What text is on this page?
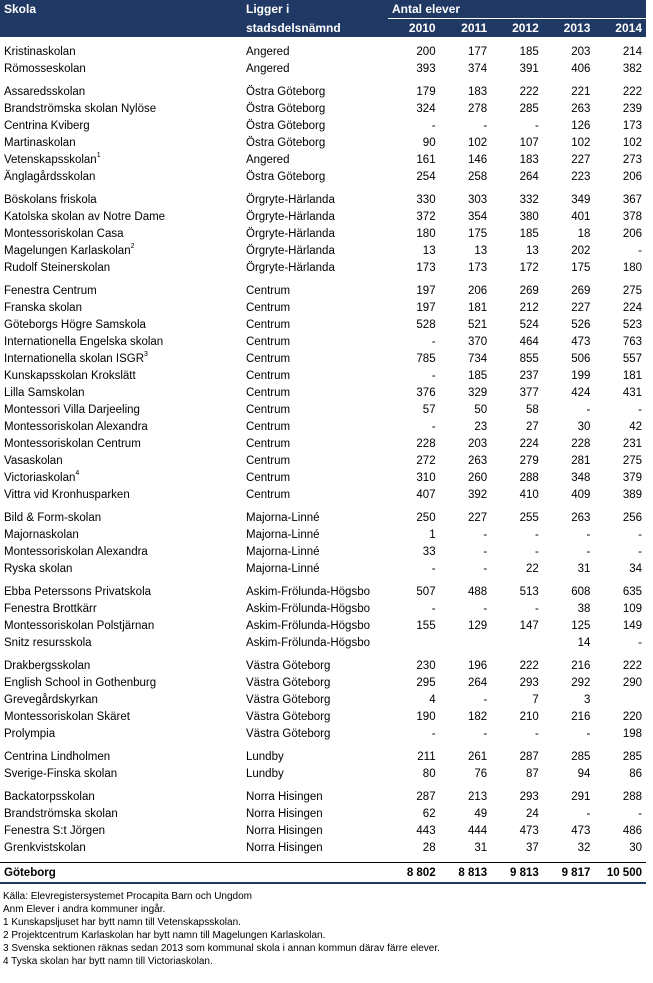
Skola	Ligger i	Antal elever				
	stadsdelsnämnd	2010	2011	2012	2013	2014

Kristinaskolan	Angered	200	177	185	203	214
Römosseskolan	Angered	393	374	391	406	382

Assaredsskolan	Östra Göteborg	179	183	222	221	222
Brandströmska skolan Nylöse	Östra Göteborg	324	278	285	263	239
Centrina Kviberg	Östra Göteborg	-	-	-	126	173
Martinaskolan	Östra Göteborg	90	102	107	102	102
Vetenskapsskolan$^1$	Angered	161	146	183	227	273
Änglagårdsskolan	Östra Göteborg	254	258	264	223	206

Böskolans friskola	Örgryte-Härlanda	330	303	332	349	367
Katolska skolan av Notre Dame	Örgryte-Härlanda	372	354	380	401	378
Montessoriskolan Casa	Örgryte-Härlanda	180	175	185	18	206
Magelungen Karlaskolan$^2$	Örgryte-Härlanda	13	13	13	202	-
Rudolf Steinerskolan	Örgryte-Härlanda	173	173	172	175	180

Fenestra Centrum	Centrum	197	206	269	269	275
Franska skolan	Centrum	197	181	212	227	224
Göteborgs Högre Samskola	Centrum	528	521	524	526	523
Internationella Engelska skolan	Centrum	-	370	464	473	763
Internationella skolan ISGR$^3$	Centrum	785	734	855	506	557
Kunskapsskolan Krokslätt	Centrum	-	185	237	199	181
Lilla Samskolan	Centrum	376	329	377	424	431
Montessori Villa Darjeeling	Centrum	57	50	58	-	-
Montessoriskolan Alexandra	Centrum	-	23	27	30	42
Montessoriskolan Centrum	Centrum	228	203	224	228	231
Vasaskolan	Centrum	272	263	279	281	275
Victoriaskolan$^4$	Centrum	310	260	288	348	379
Vittra vid Kronhusparken	Centrum	407	392	410	409	389

Bild & Form-skolan	Majorna-Linné	250	227	255	263	256
Majornaskolan	Majorna-Linné	1	-	-	-	-
Montessoriskolan Alexandra	Majorna-Linné	33	-	-	-	-
Ryska skolan	Majorna-Linné	-	-	22	31	34

Ebba Peterssons Privatskola	Askim-Frölunda-Högsbo	507	488	513	608	635
Fenestra Brottkärr	Askim-Frölunda-Högsbo	-	-	-	38	109
Montessoriskolan Polstjärnan	Askim-Frölunda-Högsbo	155	129	147	125	149
Snitz resursskola	Askim-Frölunda-Högsbo				14	-

Drakbergsskolan	Västra Göteborg	230	196	222	216	222
English School in Gothenburg	Västra Göteborg	295	264	293	292	290
Grevegårdskyrkan	Västra Göteborg	4	-	7	3	
Montessoriskolan Skäret	Västra Göteborg	190	182	210	216	220
Prolympia	Västra Göteborg	-	-	-	-	198

Centrina Lindholmen	Lundby	211	261	287	285	285
Sverige-Finska skolan	Lundby	80	76	87	94	86

Backatorpsskolan	Norra Hisingen	287	213	293	291	288
Brandströmska skolan	Norra Hisingen	62	49	24	-	-
Fenestra S:t Jörgen	Norra Hisingen	443	444	473	473	486
Grenkvistskolan	Norra Hisingen	28	31	37	32	30

Göteborg		8 802	8 813	9 813	9 817	10 500
Källa: Elevregistersystemet Procapita Barn och Ungdom
Anm Elever i andra kommuner ingår.
1 Kunskapsljuset har bytt namn till Vetenskapsskolan.
2 Projektcentrum Karlaskolan har bytt namn till Magelungen Karlaskolan.
3 Svenska sektionen räknas sedan 2013 som kommunal skola i annan kommun därav färre elever.
4 Tyska skolan har bytt namn till Victoriaskolan.
